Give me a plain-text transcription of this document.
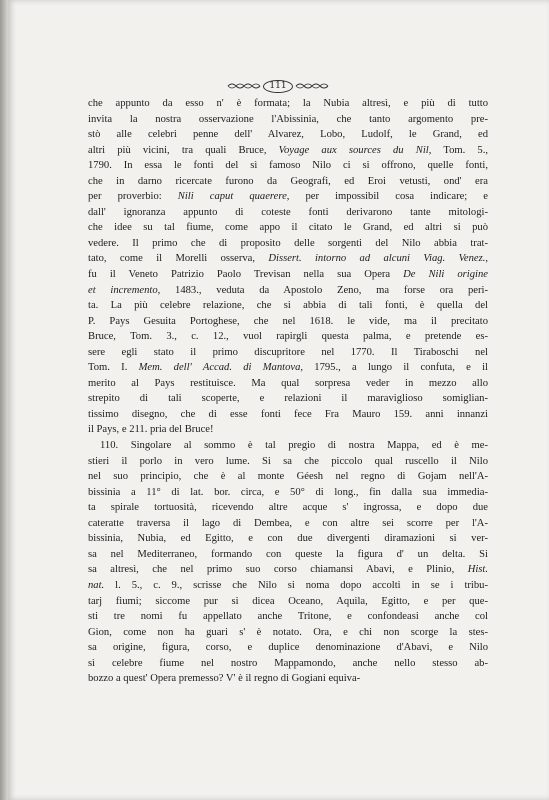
111

che appunto da esso n' è formata; la Nubia altresì, e più di tutto
invita la nostra osservazione l'Abissinia, che tanto argomento pre-
stò alle celebri penne dell' Alvarez, Lobo, Ludolf, le Grand, ed
altri più vicini, tra quali Bruce, Voyage aux sources du Nil, Tom. 5.,
1790. In essa le fonti del sì famoso Nilo ci si offrono, quelle fonti,
che in darno ricercate furono da Geografi, ed Eroi vetusti, ond' era
per proverbio: Nili caput quaerere, per impossibil cosa indicare; e
dall' ignoranza appunto di coteste fonti derivarono tante mitologi-
che idee su tal fiume, come appo il citato le Grand, ed altri si può
vedere. Il primo che di proposito delle sorgenti del Nilo abbia trat-
tato, come il Morelli osserva, Dissert. intorno ad alcuni Viag. Venez.,
fu il Veneto Patrizio Paolo Trevisan nella sua Opera De Nili origine
et incremento, 1483., veduta da Apostolo Zeno, ma forse ora peri-
ta. La più celebre relazione, che si abbia di tali fonti, è quella del
P. Pays Gesuita Portoghese, che nel 1618. le vide, ma il precitato
Bruce, Tom. 3., c. 12., vuol rapirgli questa palma, e pretende es-
sere egli stato il primo discupritore nel 1770. Il Tiraboschi nel
Tom. I. Mem. dell' Accad. di Mantova, 1795., a lungo il confuta, e il
merito al Pays restituisce. Ma qual sorpresa veder in mezzo allo
strepito di tali scoperte, e relazioni il maraviglioso somiglian-
tissimo disegno, che di esse fonti fece Fra Mauro 159. anni innanzi
il Pays, e 211. pria del Bruce!
110. Singolare al sommo è tal pregio di nostra Mappa, ed è me-
stieri il porlo in vero lume. Si sa che piccolo qual ruscello il Nilo
nel suo principio, che è al monte Géesh nel regno di Gojam nell'A-
bissinia a 11° di lat. bor. circa, e 50° di long., fin dalla sua immedia-
ta spirale tortuosità, ricevendo altre acque s' ingrossa, e dopo due
cateratte traversa il lago di Dembea, e con altre sei scorre per l'A-
bissinia, Nubia, ed Egitto, e con due divergenti diramazioni si ver-
sa nel Mediterraneo, formando con queste la figura d' un delta. Si
sa altresì, che nel primo suo corso chiamansi Abavi, e Plinio, Hist.
nat. l. 5., c. 9., scrisse che Nilo si noma dopo accolti in se i tribu-
tarj fiumi; siccome pur si dicea Oceano, Aquila, Egitto, e per que-
sti tre nomi fu appellato anche Tritone, e confondeasi anche col
Gion, come non ha guari s' è notato. Ora, e chi non scorge la stes-
sa origine, figura, corso, e duplice denominazione d'Abavi, e Nilo
sì celebre fiume nel nostro Mappamondo, anche nello stesso ab-
bozzo a quest' Opera premesso? V' è il regno di Gogiani equiva-
